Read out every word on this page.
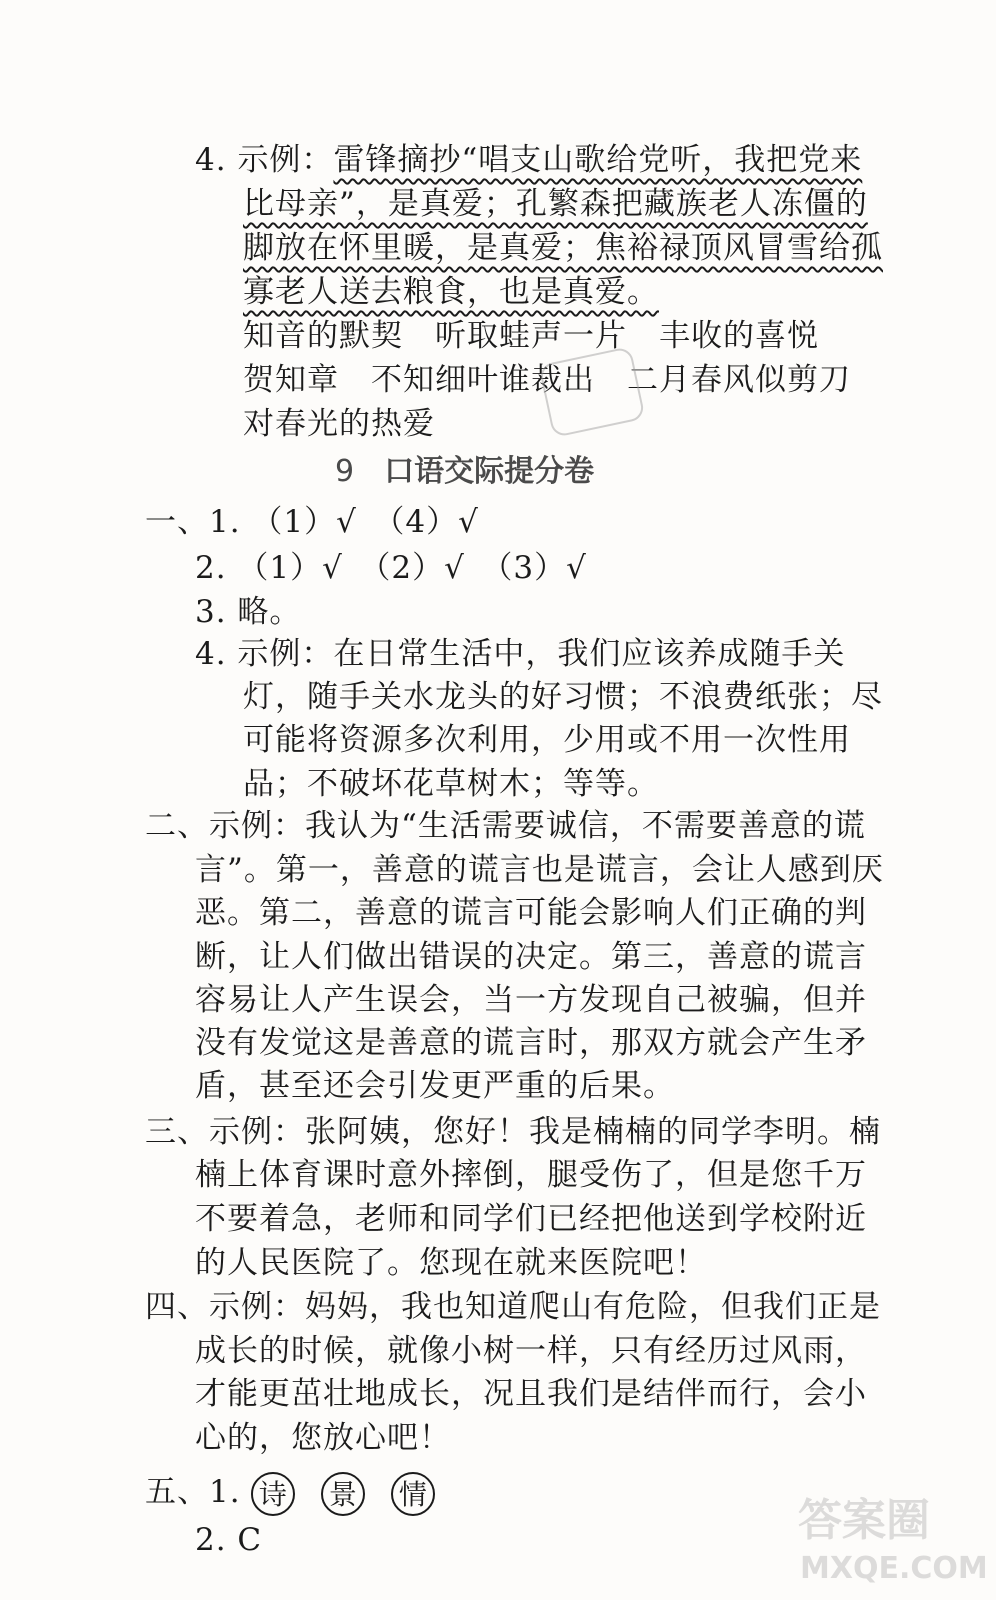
4. 示例：雷锋摘抄“唱支山歌给党听，我把党来
比母亲”，是真爱；孔繁森把藏族老人冻僵的
脚放在怀里暖，是真爱；焦裕禄顶风冒雪给孤
寡老人送去粮食，也是真爱。
知音的默契　听取蛙声一片　丰收的喜悦
贺知章　不知细叶谁裁出　二月春风似剪刀
对春光的热爱
9 口语交际提分卷
一、1. （1）√　（4）√
2. （1）√　（2）√　（3）√
3. 略。
4. 示例：在日常生活中，我们应该养成随手关
灯，随手关水龙头的好习惯；不浪费纸张；尽
可能将资源多次利用，少用或不用一次性用
品；不破坏花草树木；等等。
二、示例：我认为“生活需要诚信，不需要善意的谎
言”。第一，善意的谎言也是谎言，会让人感到厌
恶。第二，善意的谎言可能会影响人们正确的判
断，让人们做出错误的决定。第三，善意的谎言
容易让人产生误会，当一方发现自己被骗，但并
没有发觉这是善意的谎言时，那双方就会产生矛
盾，甚至还会引发更严重的后果。
三、示例：张阿姨，您好！我是楠楠的同学李明。楠
楠上体育课时意外摔倒，腿受伤了，但是您千万
不要着急，老师和同学们已经把他送到学校附近
的人民医院了。您现在就来医院吧！
四、示例：妈妈，我也知道爬山有危险，但我们正是
成长的时候，就像小树一样，只有经历过风雨，
才能更茁壮地成长，况且我们是结伴而行，会小
心的，您放心吧！
五、1. 诗 景 情
2. C	答案圈
MXQE.COM
